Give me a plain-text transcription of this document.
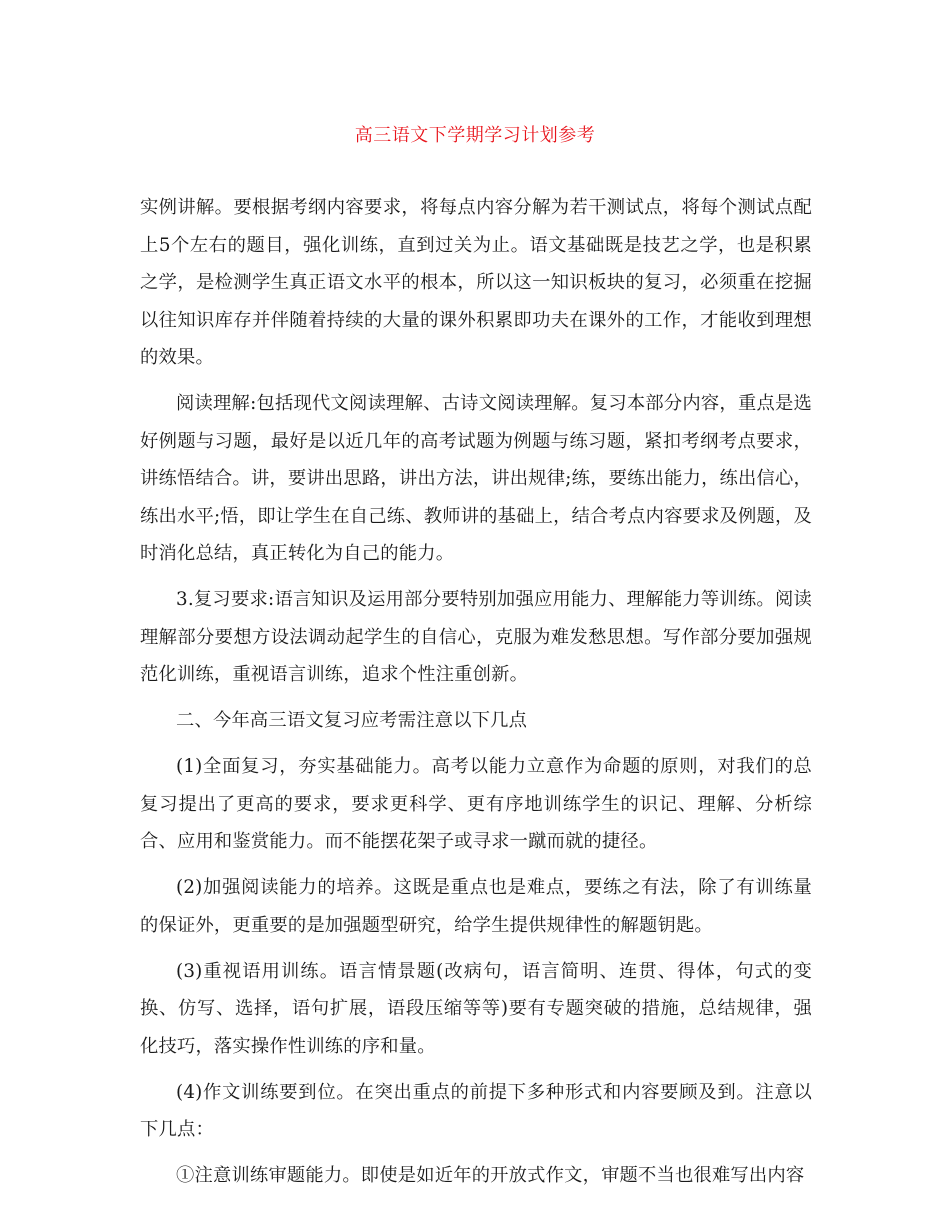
高三语文下学期学习计划参考

实例讲解。要根据考纲内容要求，将每点内容分解为若干测试点，将每个测试点配上5个左右的题目，强化训练，直到过关为止。语文基础既是技艺之学，也是积累之学，是检测学生真正语文水平的根本，所以这一知识板块的复习，必须重在挖掘以往知识库存并伴随着持续的大量的课外积累即功夫在课外的工作，才能收到理想的效果。

阅读理解:包括现代文阅读理解、古诗文阅读理解。复习本部分内容，重点是选好例题与习题，最好是以近几年的高考试题为例题与练习题，紧扣考纲考点要求，讲练悟结合。讲，要讲出思路，讲出方法，讲出规律;练，要练出能力，练出信心，练出水平;悟，即让学生在自己练、教师讲的基础上，结合考点内容要求及例题，及时消化总结，真正转化为自己的能力。

3.复习要求:语言知识及运用部分要特别加强应用能力、理解能力等训练。阅读理解部分要想方设法调动起学生的自信心，克服为难发愁思想。写作部分要加强规范化训练，重视语言训练，追求个性注重创新。

二、今年高三语文复习应考需注意以下几点

(1)全面复习，夯实基础能力。高考以能力立意作为命题的原则，对我们的总复习提出了更高的要求，要求更科学、更有序地训练学生的识记、理解、分析综合、应用和鉴赏能力。而不能摆花架子或寻求一蹴而就的捷径。

(2)加强阅读能力的培养。这既是重点也是难点，要练之有法，除了有训练量的保证外，更重要的是加强题型研究，给学生提供规律性的解题钥匙。

(3)重视语用训练。语言情景题(改病句，语言简明、连贯、得体，句式的变换、仿写、选择，语句扩展，语段压缩等等)要有专题突破的措施，总结规律，强化技巧，落实操作性训练的序和量。

(4)作文训练要到位。在突出重点的前提下多种形式和内容要顾及到。注意以下几点：

①注意训练审题能力。即使是如近年的开放式作文，审题不当也很难写出内容
